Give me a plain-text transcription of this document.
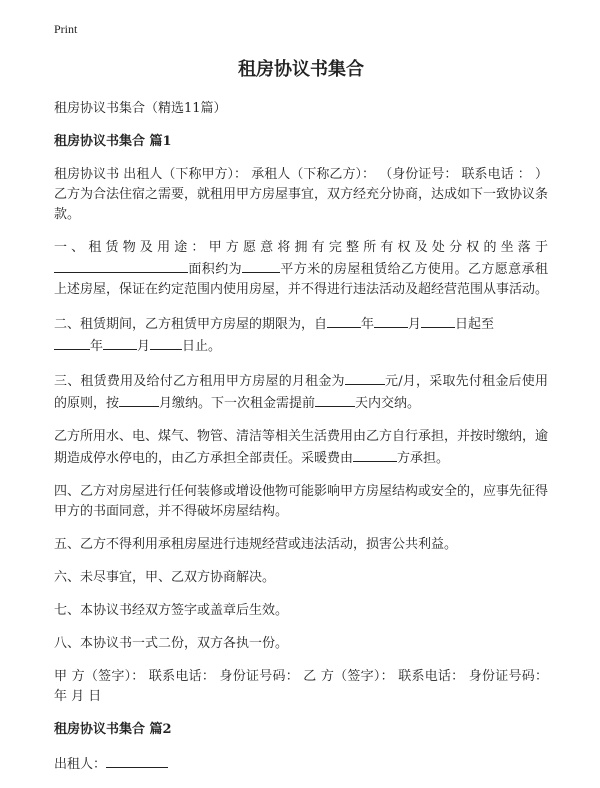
Print
租房协议书集合
租房协议书集合（精选11篇）
租房协议书集合 篇1
租房协议书 出租人（下称甲方）： 承租人（下称乙方）： （身份证号： 联系电话 ： ） 乙方为合法住宿之需要，就租用甲方房屋事宜，双方经充分协商，达成如下一致协议条款。
一、租赁物及用途：甲方愿意将拥有完整所有权及处分权的坐落于面积约为	平方米的房屋租赁给乙方使用。乙方愿意承租上述房屋，保证在约定范围内使用房屋，并不得进行违法活动及超经营范围从事活动。
二、租赁期间，乙方租赁甲方房屋的期限为，自	年	月	日起至
年	月 日止。
三、租赁费用及给付乙方租用甲方房屋的月租金为	元/月，采取先付租金后使用的原则，按	月缴纳。下一次租金需提前	天内交纳。
乙方所用水、电、煤气、物管、清洁等相关生活费用由乙方自行承担，并按时缴纳，逾期造成停水停电的，由乙方承担全部责任。采暖费由	方承担。
四、乙方对房屋进行任何装修或增设他物可能影响甲方房屋结构或安全的，应事先征得甲方的书面同意，并不得破坏房屋结构。
五、乙方不得利用承租房屋进行违规经营或违法活动，损害公共利益。
六、未尽事宜，甲、乙双方协商解决。
七、本协议书经双方签字或盖章后生效。
八、本协议书一式二份，双方各执一份。
甲 方（签字）： 联系电话： 身份证号码： 乙 方（签字）： 联系电话： 身份证号码： 年 月 日
租房协议书集合 篇2
出租人：
